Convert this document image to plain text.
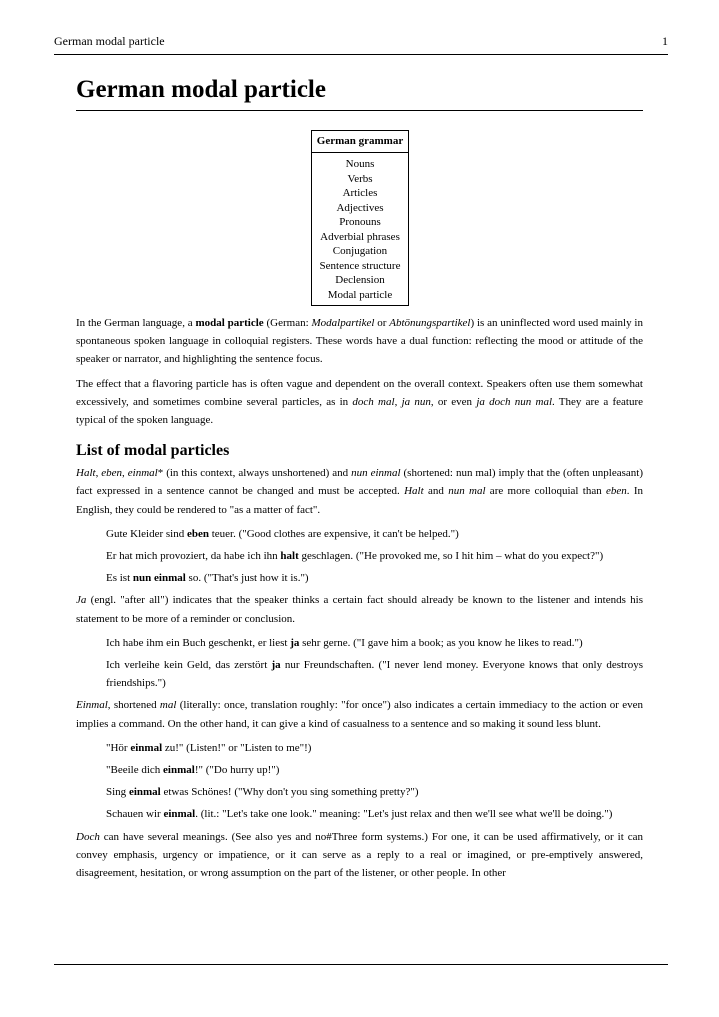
German modal particle	1
German modal particle
German grammar
Nouns
Verbs
Articles
Adjectives
Pronouns
Adverbial phrases
Conjugation
Sentence structure
Declension
Modal particle

In the German language, a modal particle (German: Modalpartikel or Abtönungspartikel) is an uninflected word used mainly in spontaneous spoken language in colloquial registers. These words have a dual function: reflecting the mood or attitude of the speaker or narrator, and highlighting the sentence focus.

The effect that a flavoring particle has is often vague and dependent on the overall context. Speakers often use them somewhat excessively, and sometimes combine several particles, as in doch mal, ja nun, or even ja doch nun mal. They are a feature typical of the spoken language.

List of modal particles

Halt, eben, einmal* (in this context, always unshortened) and nun einmal (shortened: nun mal) imply that the (often unpleasant) fact expressed in a sentence cannot be changed and must be accepted. Halt and nun mal are more colloquial than eben. In English, they could be rendered to "as a matter of fact".

Gute Kleider sind eben teuer. ("Good clothes are expensive, it can't be helped.")

Er hat mich provoziert, da habe ich ihn halt geschlagen. ("He provoked me, so I hit him – what do you expect?")

Es ist nun einmal so. ("That's just how it is.")

Ja (engl. "after all") indicates that the speaker thinks a certain fact should already be known to the listener and intends his statement to be more of a reminder or conclusion.

Ich habe ihm ein Buch geschenkt, er liest ja sehr gerne. ("I gave him a book; as you know he likes to read.")

Ich verleihe kein Geld, das zerstört ja nur Freundschaften. ("I never lend money. Everyone knows that only destroys friendships.")

Einmal, shortened mal (literally: once, translation roughly: "for once") also indicates a certain immediacy to the action or even implies a command. On the other hand, it can give a kind of casualness to a sentence and so making it sound less blunt.

"Hör einmal zu!" (Listen!" or "Listen to me"!)

"Beeile dich einmal!" ("Do hurry up!")

Sing einmal etwas Schönes! ("Why don't you sing something pretty?")

Schauen wir einmal. (lit.: "Let's take one look." meaning: "Let's just relax and then we'll see what we'll be doing.")

Doch can have several meanings. (See also yes and no#Three form systems.) For one, it can be used affirmatively, or it can convey emphasis, urgency or impatience, or it can serve as a reply to a real or imagined, or pre-emptively answered, disagreement, hesitation, or wrong assumption on the part of the listener, or other people. In other
